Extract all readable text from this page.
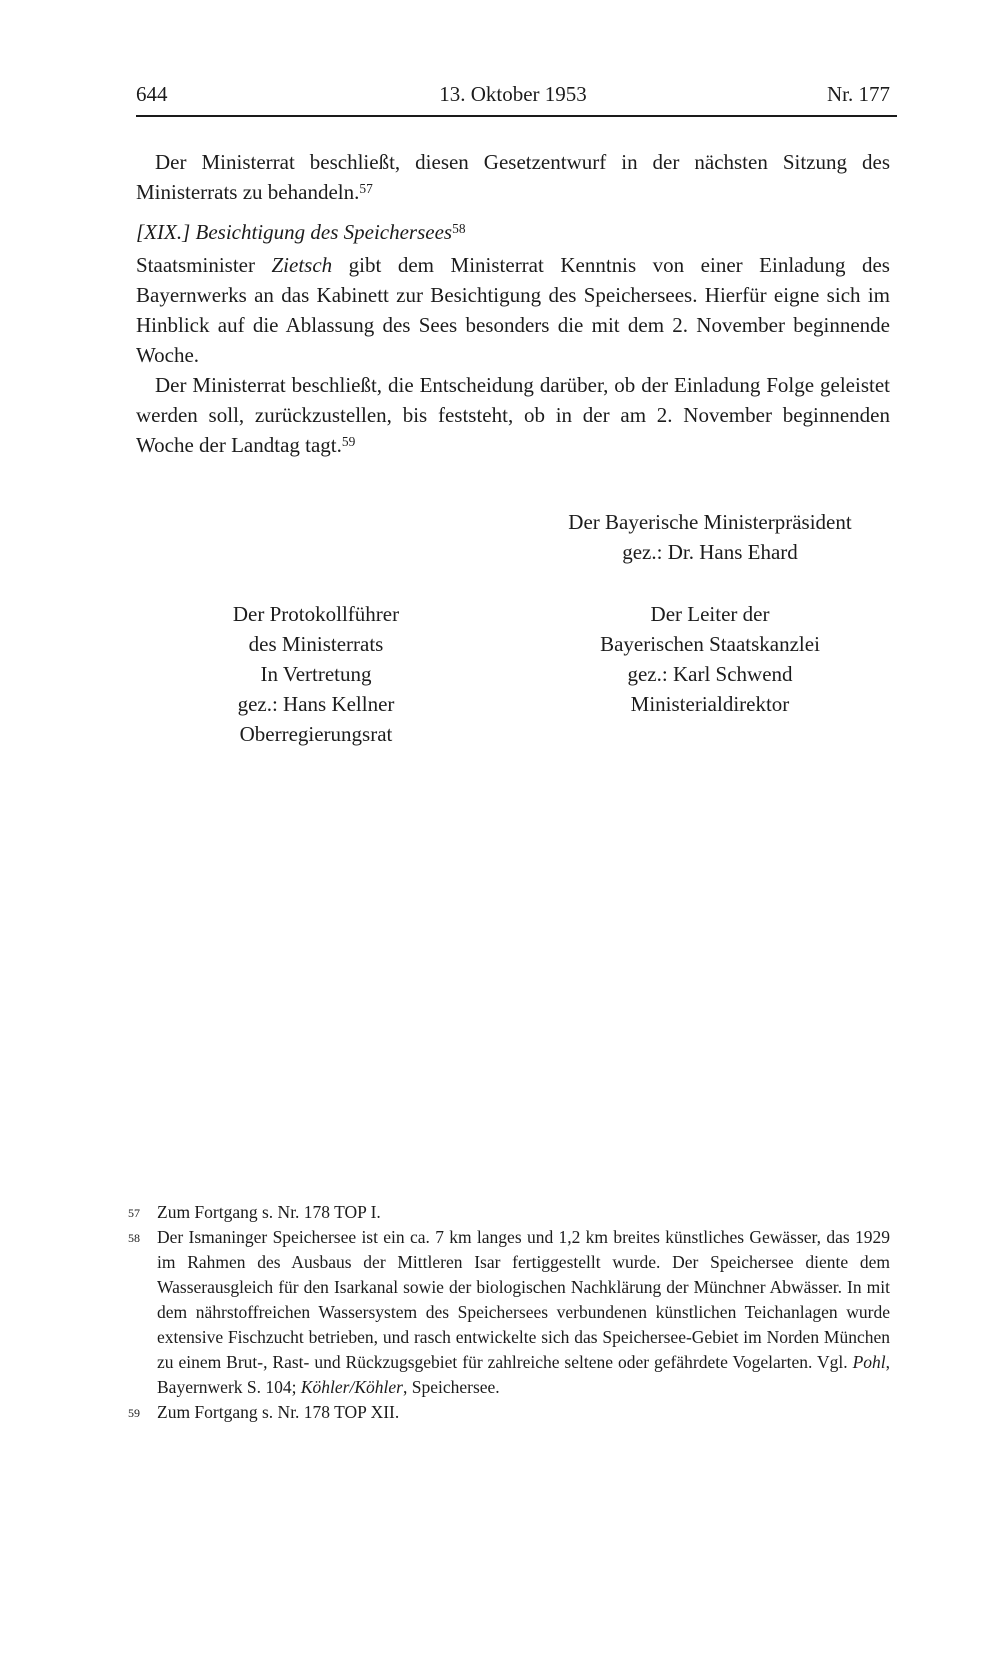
644	13. Oktober 1953	Nr. 177

Der Ministerrat beschließt, diesen Gesetzentwurf in der nächsten Sitzung des Ministerrats zu behandeln.$^{57}$

[XIX.] Besichtigung des Speichersees$^{58}$

Staatsminister Zietsch gibt dem Ministerrat Kenntnis von einer Einladung des Bayernwerks an das Kabinett zur Besichtigung des Speichersees. Hierfür eigne sich im Hinblick auf die Ablassung des Sees besonders die mit dem 2. November beginnende Woche.

Der Ministerrat beschließt, die Entscheidung darüber, ob der Einladung Folge geleistet werden soll, zurückzustellen, bis feststeht, ob in der am 2. November beginnenden Woche der Landtag tagt.$^{59}$

Der Bayerische Ministerpräsident
gez.: Dr. Hans Ehard
Der Protokollführer
des Ministerrats
In Vertretung
gez.: Hans Kellner
Oberregierungsrat
Der Leiter der
Bayerischen Staatskanzlei
gez.: Karl Schwend
Ministerialdirektor
57 Zum Fortgang s. Nr. 178 TOP I.
58 Der Ismaninger Speichersee ist ein ca. 7 km langes und 1,2 km breites künstliches Gewässer, das 1929 im Rahmen des Ausbaus der Mittleren Isar fertiggestellt wurde. Der Speichersee diente dem Wasserausgleich für den Isarkanal sowie der biologischen Nachklärung der Münchner Abwässer. In mit dem nährstoffreichen Wassersystem des Speichersees verbundenen künstlichen Teichanlagen wurde extensive Fischzucht betrieben, und rasch entwickelte sich das Speichersee-Gebiet im Norden München zu einem Brut-, Rast- und Rückzugsgebiet für zahlreiche seltene oder gefährdete Vogelarten. Vgl. Pohl, Bayernwerk S. 104; Köhler/Köhler, Speichersee.
59 Zum Fortgang s. Nr. 178 TOP XII.
